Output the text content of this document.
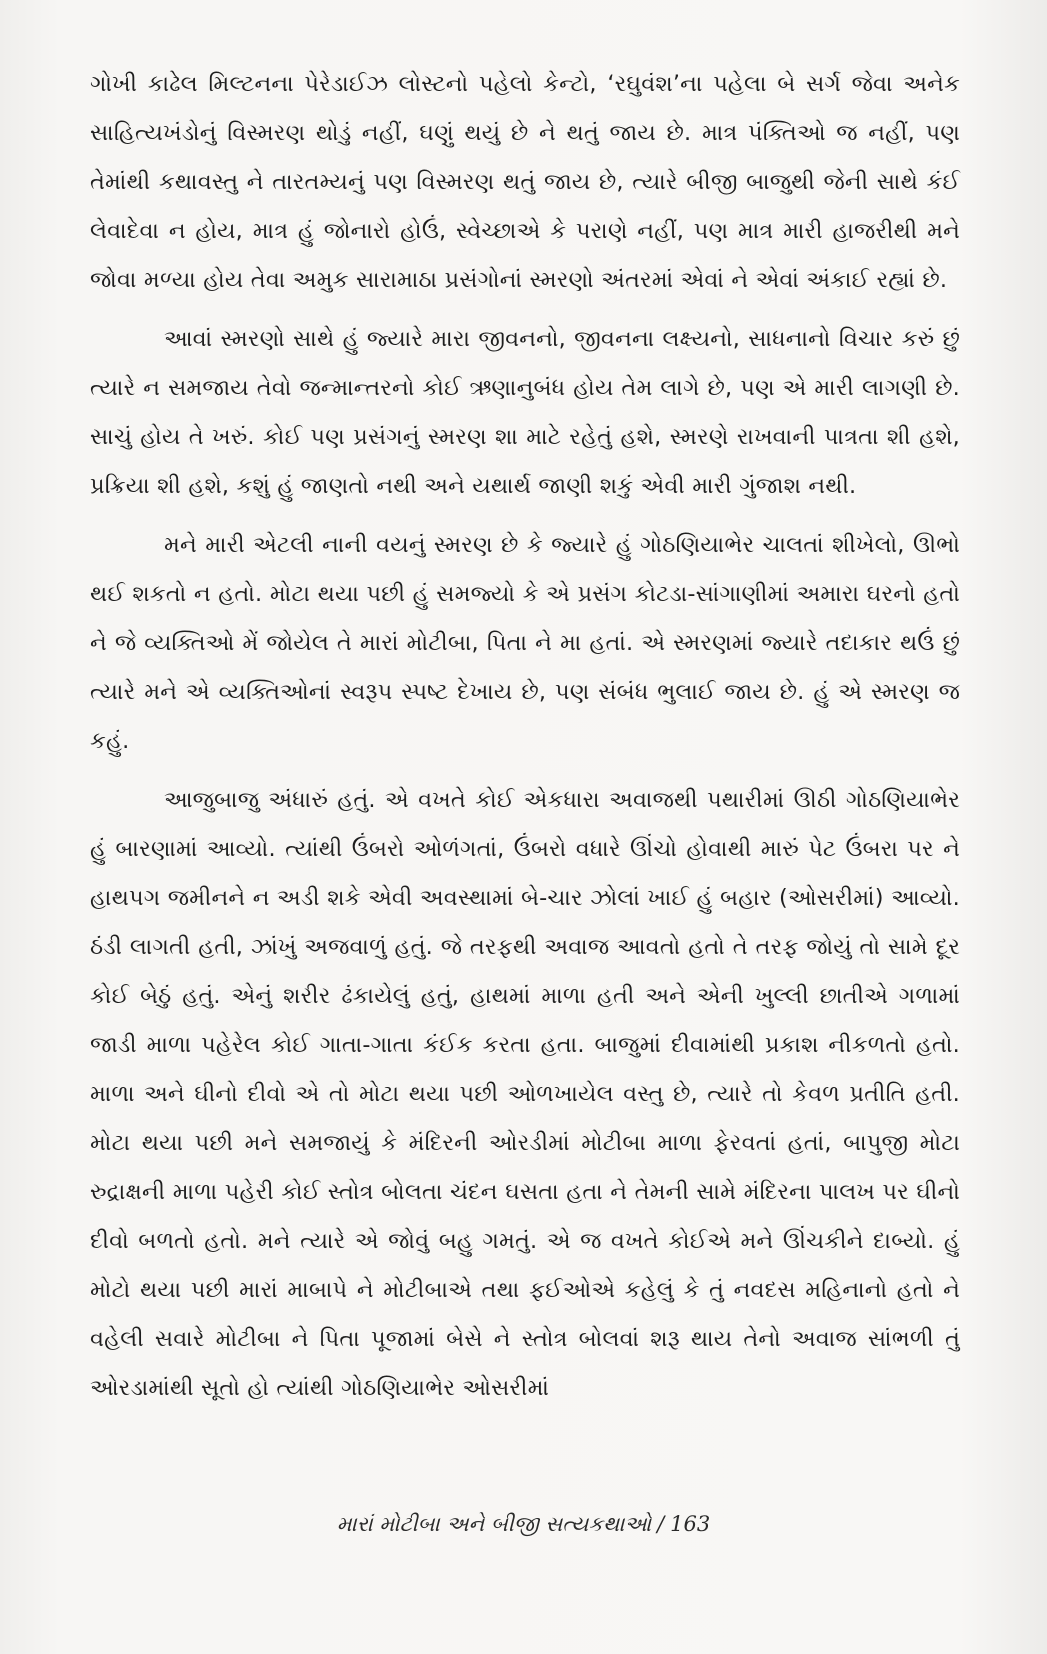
ગોખી કાઢેલ મિલ્ટનના પેરેડાઈઝ લોસ્ટનો પહેલો કેન્ટો, ‘રઘુવંશ’ના પહેલા બે સર્ગ જેવા અનેક સાહિત્યખંડોનું વિસ્મરણ થોડું નહીં, ઘણું થયું છે ને થતું જાય છે. માત્ર પંક્તિઓ જ નહીં, પણ તેમાંથી કથાવસ્તુ ને તારતમ્યનું પણ વિસ્મરણ થતું જાય છે, ત્યારે બીજી બાજુથી જેની સાથે કંઈ લેવાદેવા ન હોય, માત્ર હું જોનારો હોઉં, સ્વેચ્છાએ કે પરાણે નહીં, પણ માત્ર મારી હાજરીથી મને જોવા મળ્યા હોય તેવા અમુક સારામાઠા પ્રસંગોનાં સ્મરણો અંતરમાં એવાં ને એવાં અંકાઈ રહ્યાં છે.

આવાં સ્મરણો સાથે હું જ્યારે મારા જીવનનો, જીવનના લક્ષ્યનો, સાધનાનો વિચાર કરું છું ત્યારે ન સમજાય તેવો જન્માન્તરનો કોઈ ઋણાનુબંધ હોય તેમ લાગે છે, પણ એ મારી લાગણી છે. સાચું હોય તે ખરું. કોઈ પણ પ્રસંગનું સ્મરણ શા માટે રહેતું હશે, સ્મરણે રાખવાની પાત્રતા શી હશે, પ્રક્રિયા શી હશે, કશું હું જાણતો નથી અને યથાર્થ જાણી શકું એવી મારી ગુંજાશ નથી.

મને મારી એટલી નાની વયનું સ્મરણ છે કે જ્યારે હું ગોઠણિયાભેર ચાલતાં શીખેલો, ઊભો થઈ શકતો ન હતો. મોટા થયા પછી હું સમજ્યો કે એ પ્રસંગ કોટડા-સાંગાણીમાં અમારા ઘરનો હતો ને જે વ્યક્તિઓ મેં જોયેલ તે મારાં મોટીબા, પિતા ને મા હતાં. એ સ્મરણમાં જ્યારે તદાકાર થઉં છું ત્યારે મને એ વ્યક્તિઓનાં સ્વરૂપ સ્પષ્ટ દેખાય છે, પણ સંબંધ ભુલાઈ જાય છે. હું એ સ્મરણ જ કહું.

આજુબાજુ અંધારું હતું. એ વખતે કોઈ એકધારા અવાજથી પથારીમાં ઊઠી ગોઠણિયાભેર હું બારણામાં આવ્યો. ત્યાંથી ઉંબરો ઓળંગતાં, ઉંબરો વધારે ઊંચો હોવાથી મારું પેટ ઉંબરા પર ને હાથપગ જમીનને ન અડી શકે એવી અવસ્થામાં બે-ચાર ઝોલાં ખાઈ હું બહાર (ઓસરીમાં) આવ્યો. ઠંડી લાગતી હતી, ઝાંખું અજવાળું હતું. જે તરફથી અવાજ આવતો હતો તે તરફ જોયું તો સામે દૂર કોઈ બેઠું હતું. એનું શરીર ઢંકાયેલું હતું, હાથમાં માળા હતી અને એની ખુલ્લી છાતીએ ગળામાં જાડી માળા પહેરેલ કોઈ ગાતા-ગાતા કંઈક કરતા હતા. બાજુમાં દીવામાંથી પ્રકાશ નીકળતો હતો. માળા અને ઘીનો દીવો એ તો મોટા થયા પછી ઓળખાયેલ વસ્તુ છે, ત્યારે તો કેવળ પ્રતીતિ હતી. મોટા થયા પછી મને સમજાયું કે મંદિરની ઓરડીમાં મોટીબા માળા ફેરવતાં હતાં, બાપુજી મોટા રુદ્રાક્ષની માળા પહેરી કોઈ સ્તોત્ર બોલતા ચંદન ઘસતા હતા ને તેમની સામે મંદિરના પાલખ પર ઘીનો દીવો બળતો હતો. મને ત્યારે એ જોવું બહુ ગમતું. એ જ વખતે કોઈએ મને ઊંચકીને દાબ્યો. હું મોટો થયા પછી મારાં માબાપે ને મોટીબાએ તથા ફઈઓએ કહેલું કે તું નવદસ મહિનાનો હતો ને વહેલી સવારે મોટીબા ને પિતા પૂજામાં બેસે ને સ્તોત્ર બોલવાં શરૂ થાય તેનો અવાજ સાંભળી તું ઓરડામાંથી સૂતો હો ત્યાંથી ગોઠણિયાભેર ઓસરીમાં

મારાં મોટીબા અને બીજી સત્યકથાઓ / 163
